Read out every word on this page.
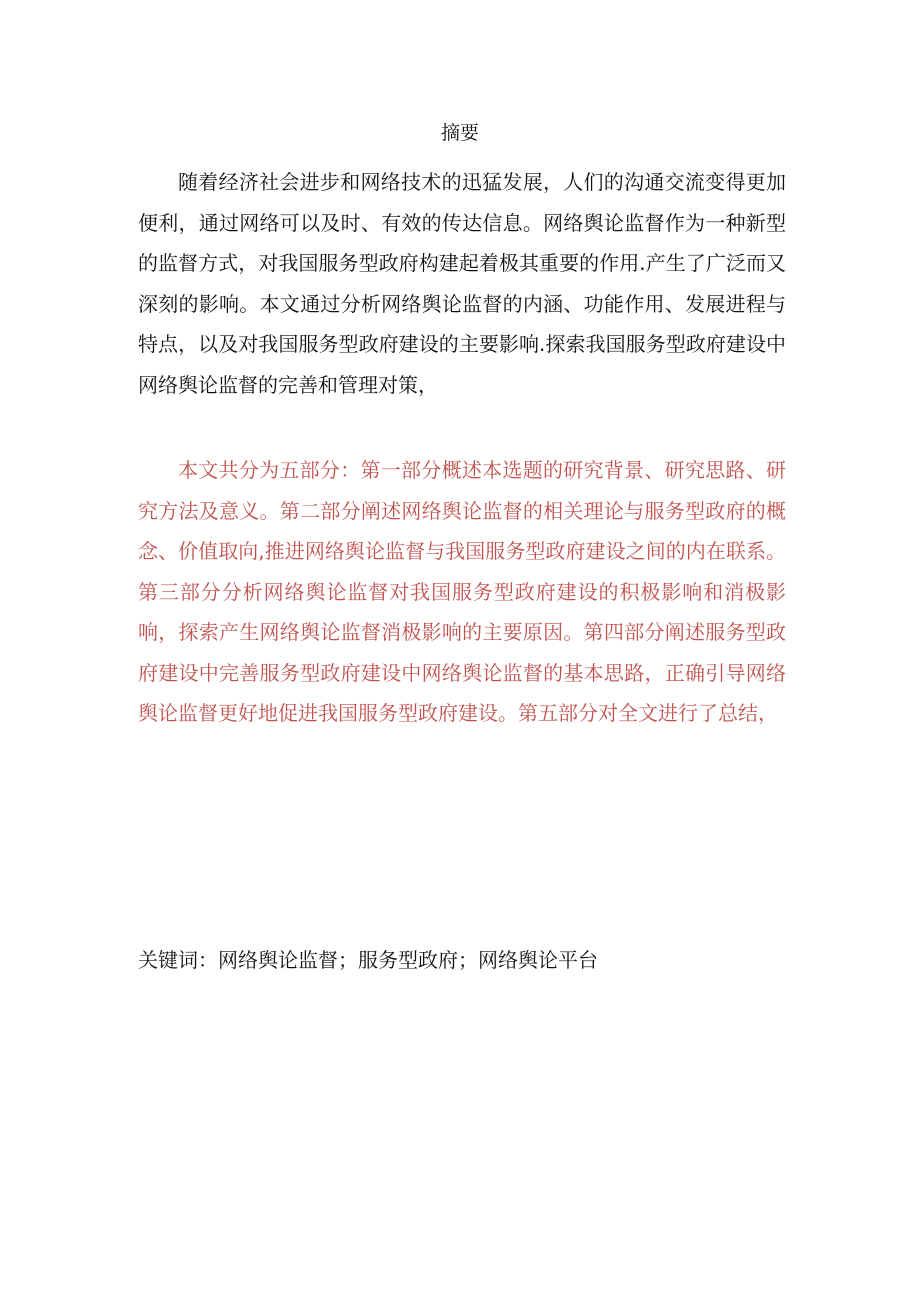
摘要

随着经济社会进步和网络技术的迅猛发展，人们的沟通交流变得更加便利，通过网络可以及时、有效的传达信息。网络舆论监督作为一种新型的监督方式，对我国服务型政府构建起着极其重要的作用.产生了广泛而又深刻的影响。本文通过分析网络舆论监督的内涵、功能作用、发展进程与特点，以及对我国服务型政府建设的主要影响.探索我国服务型政府建设中网络舆论监督的完善和管理对策，

本文共分为五部分：第一部分概述本选题的研究背景、研究思路、研究方法及意义。第二部分阐述网络舆论监督的相关理论与服务型政府的概念、价值取向,推进网络舆论监督与我国服务型政府建设之间的内在联系。第三部分分析网络舆论监督对我国服务型政府建设的积极影响和消极影响，探索产生网络舆论监督消极影响的主要原因。第四部分阐述服务型政府建设中完善服务型政府建设中网络舆论监督的基本思路，正确引导网络舆论监督更好地促进我国服务型政府建设。第五部分对全文进行了总结，

关键词：网络舆论监督；服务型政府；网络舆论平台
